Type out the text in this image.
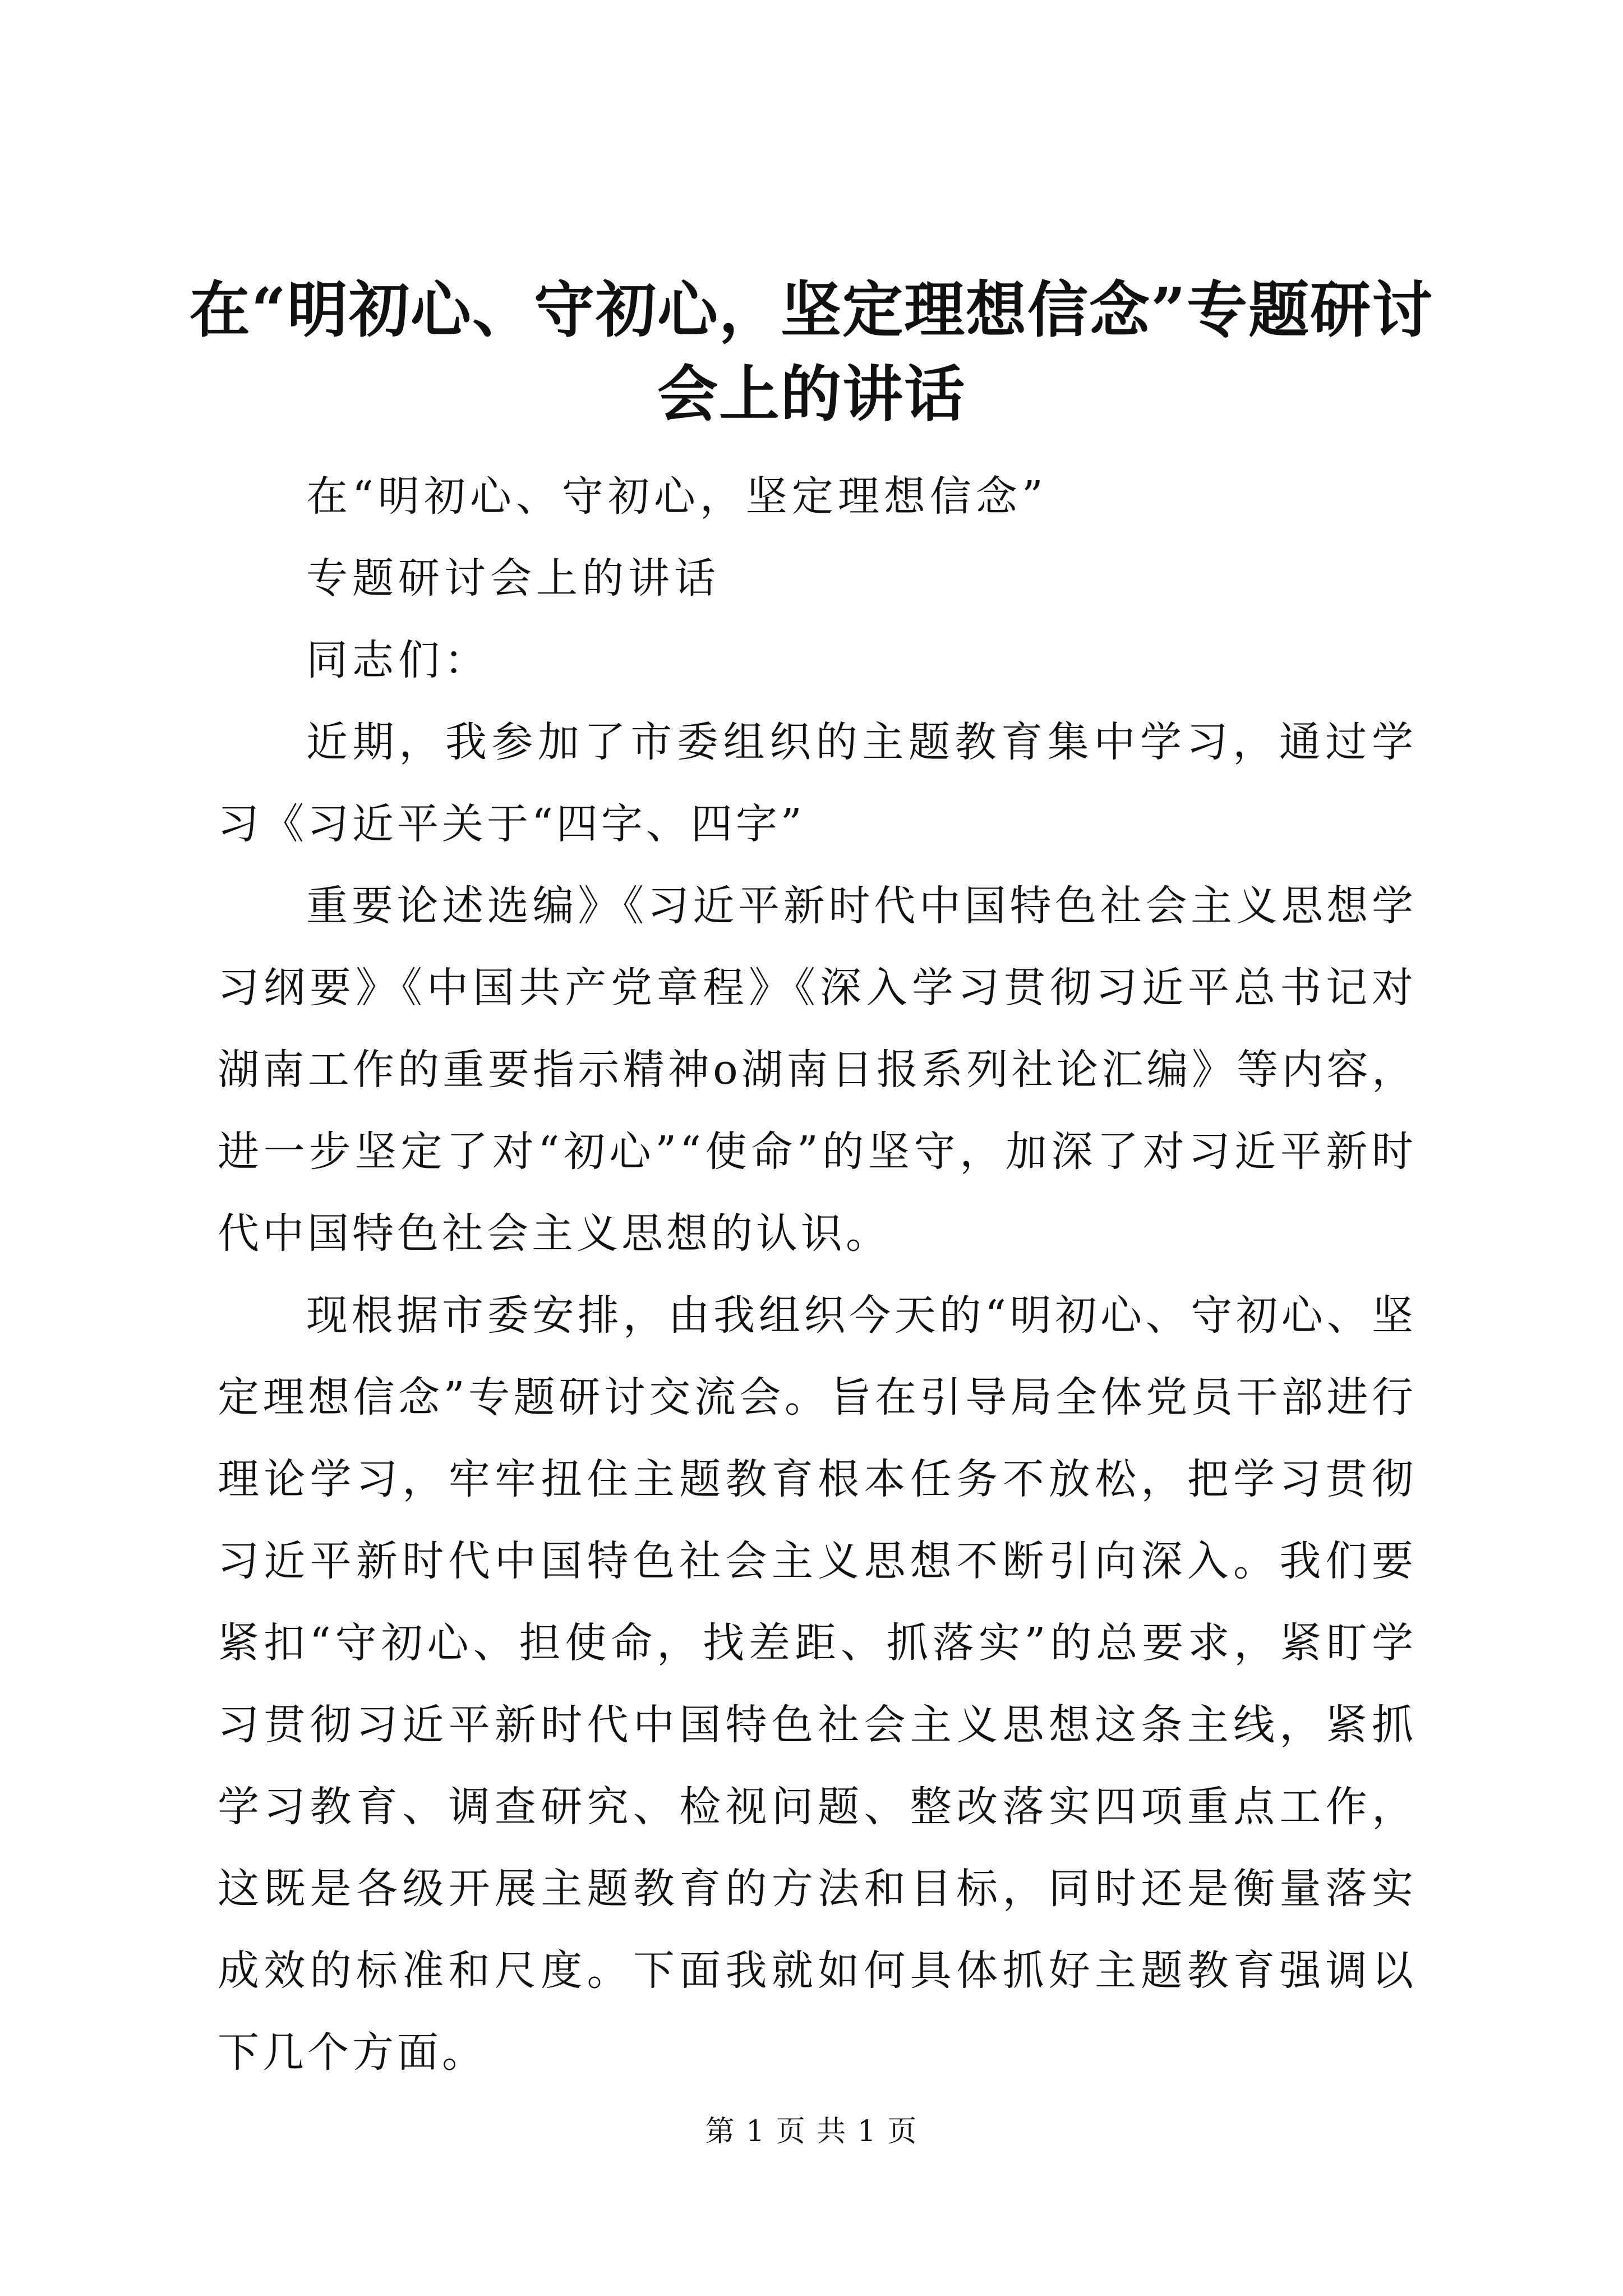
在“明初心、守初心，坚定理想信念”专题研讨会上的讲话

在“明初心、守初心，坚定理想信念”

专题研讨会上的讲话

同志们：

近期，我参加了市委组织的主题教育集中学习，通过学习《习近平关于“四字、四字”

重要论述选编》《习近平新时代中国特色社会主义思想学习纲要》《中国共产党章程》《深入学习贯彻习近平总书记对湖南工作的重要指示精神o湖南日报系列社论汇编》等内容，进一步坚定了对“初心”“使命”的坚守，加深了对习近平新时代中国特色社会主义思想的认识。

现根据市委安排，由我组织今天的“明初心、守初心、坚定理想信念”专题研讨交流会。旨在引导局全体党员干部进行理论学习，牢牢扭住主题教育根本任务不放松，把学习贯彻习近平新时代中国特色社会主义思想不断引向深入。我们要紧扣“守初心、担使命，找差距、抓落实”的总要求，紧盯学习贯彻习近平新时代中国特色社会主义思想这条主线，紧抓学习教育、调查研究、检视问题、整改落实四项重点工作，这既是各级开展主题教育的方法和目标，同时还是衡量落实成效的标准和尺度。下面我就如何具体抓好主题教育强调以下几个方面。

第 1 页 共 1 页
